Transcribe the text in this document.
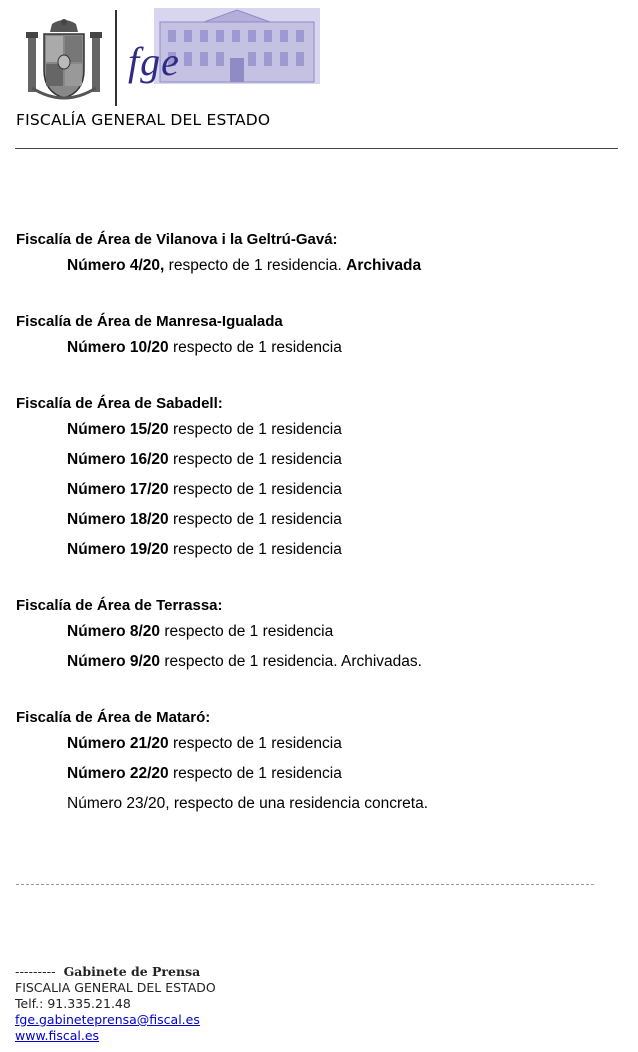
fge
FISCALÍA GENERAL DEL ESTADO
Fiscalía de Área de Vilanova i la Geltrú-Gavá:
Número 4/20, respecto de 1 residencia. Archivada
Fiscalía de Área de Manresa-Igualada
Número 10/20 respecto de 1 residencia
Fiscalía de Área de Sabadell:
Número 15/20 respecto de 1 residencia
Número 16/20 respecto de 1 residencia
Número 17/20 respecto de 1 residencia
Número 18/20 respecto de 1 residencia
Número 19/20 respecto de 1 residencia
Fiscalía de Área de Terrassa:
Número 8/20 respecto de 1 residencia
Número 9/20 respecto de 1 residencia. Archivadas.
Fiscalía de Área de Mataró:
Número 21/20 respecto de 1 residencia
Número 22/20 respecto de 1 residencia
Número 23/20, respecto de una residencia concreta.
--------- Gabinete de Prensa
FISCALIA GENERAL DEL ESTADO
Telf.: 91.335.21.48
fge.gabineteprensa@fiscal.es
www.fiscal.es
